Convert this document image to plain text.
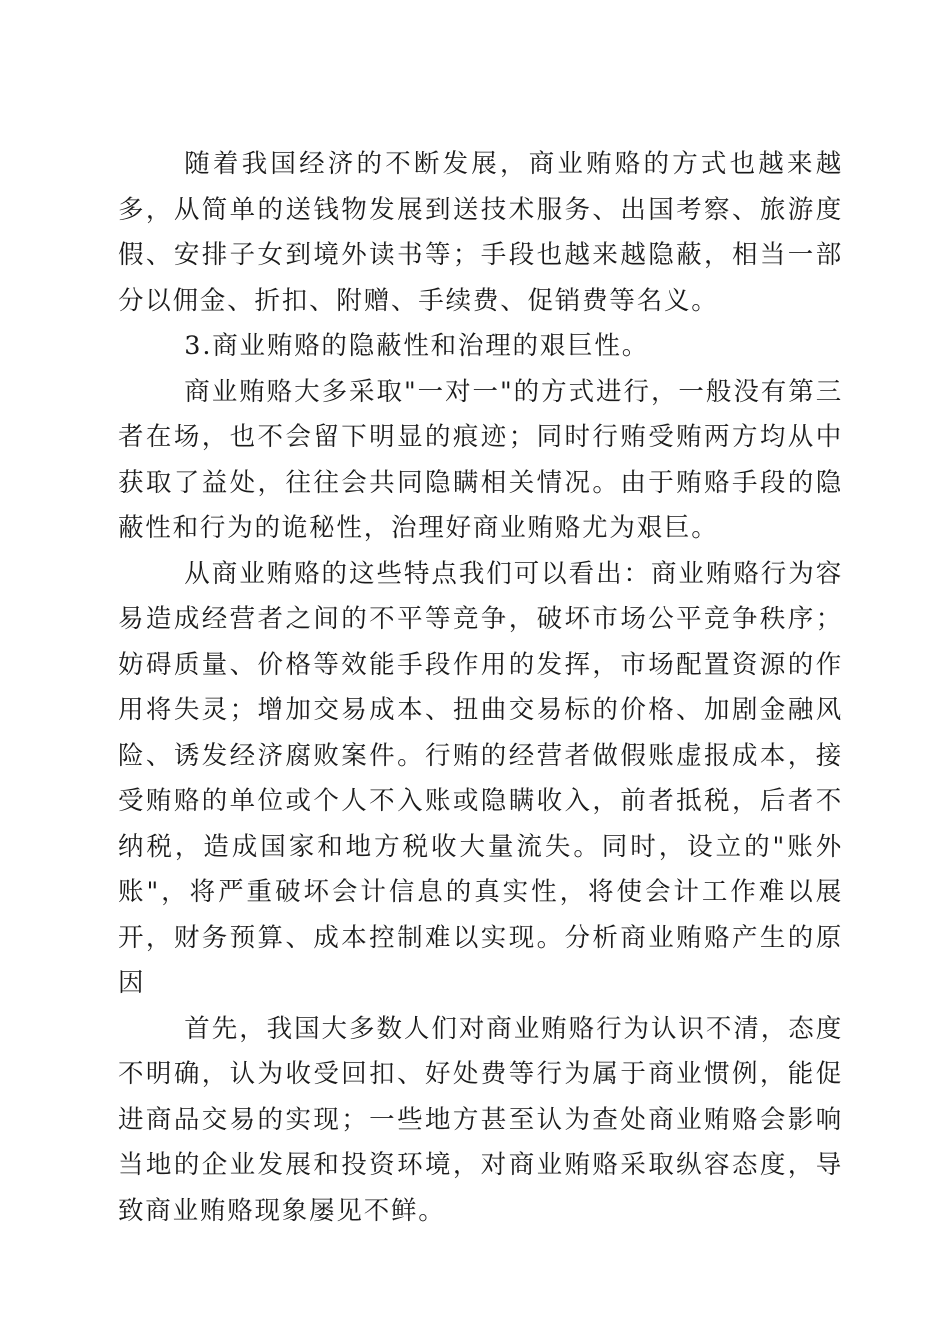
随着我国经济的不断发展，商业贿赂的方式也越来越多，从简单的送钱物发展到送技术服务、出国考察、旅游度假、安排子女到境外读书等；手段也越来越隐蔽，相当一部分以佣金、折扣、附赠、手续费、促销费等名义。

3.商业贿赂的隐蔽性和治理的艰巨性。

商业贿赂大多采取"一对一"的方式进行，一般没有第三者在场，也不会留下明显的痕迹；同时行贿受贿两方均从中获取了益处，往往会共同隐瞒相关情况。由于贿赂手段的隐蔽性和行为的诡秘性，治理好商业贿赂尤为艰巨。

从商业贿赂的这些特点我们可以看出：商业贿赂行为容易造成经营者之间的不平等竞争，破坏市场公平竞争秩序；妨碍质量、价格等效能手段作用的发挥，市场配置资源的作用将失灵；增加交易成本、扭曲交易标的价格、加剧金融风险、诱发经济腐败案件。行贿的经营者做假账虚报成本，接受贿赂的单位或个人不入账或隐瞒收入，前者抵税，后者不纳税，造成国家和地方税收大量流失。同时，设立的"账外账"，将严重破坏会计信息的真实性，将使会计工作难以展开，财务预算、成本控制难以实现。分析商业贿赂产生的原因

首先，我国大多数人们对商业贿赂行为认识不清，态度不明确，认为收受回扣、好处费等行为属于商业惯例，能促进商品交易的实现；一些地方甚至认为查处商业贿赂会影响当地的企业发展和投资环境，对商业贿赂采取纵容态度，导致商业贿赂现象屡见不鲜。
